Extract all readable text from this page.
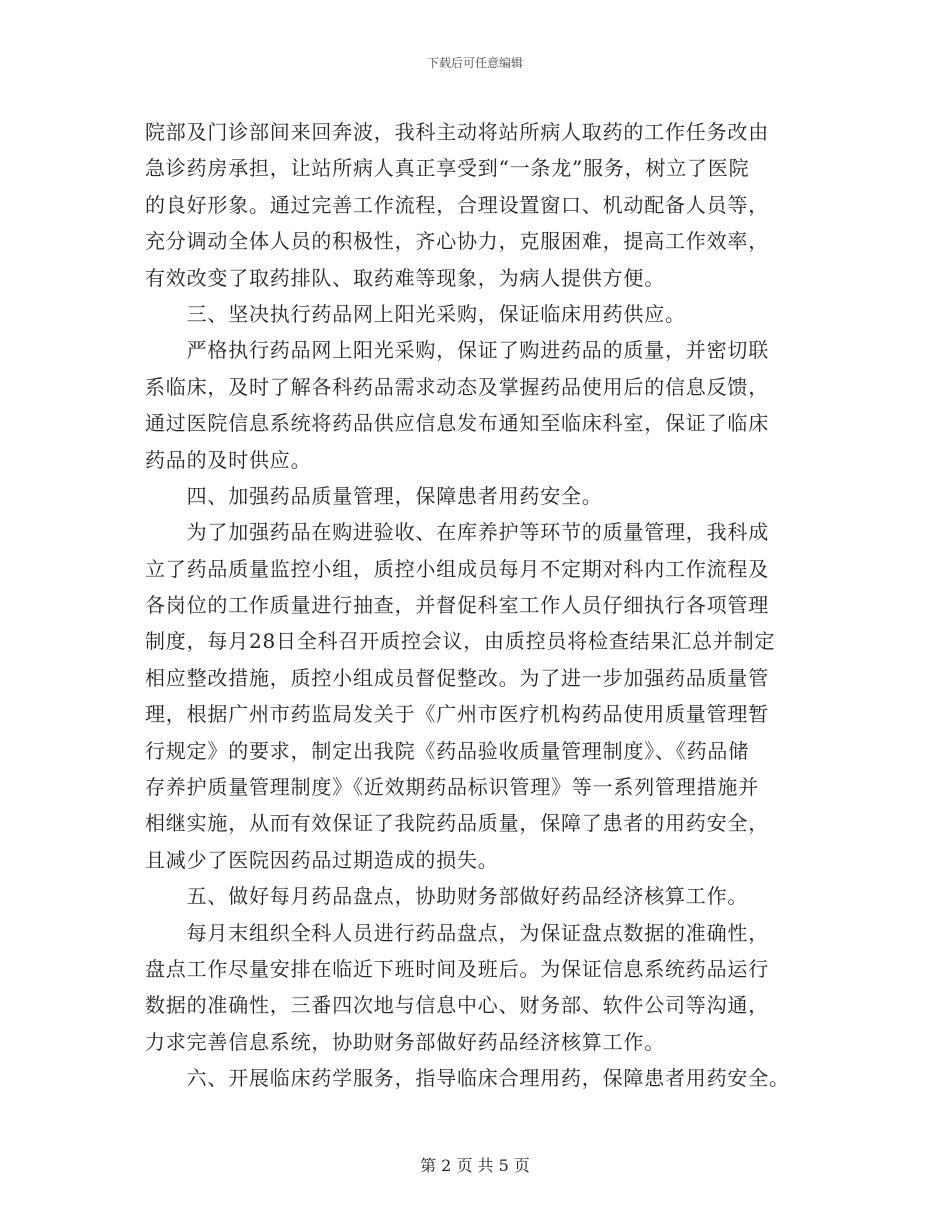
下载后可任意编辑
院部及门诊部间来回奔波，我科主动将站所病人取药的工作任务改由
急诊药房承担，让站所病人真正享受到“一条龙”服务，树立了医院
的良好形象。通过完善工作流程，合理设置窗口、机动配备人员等，
充分调动全体人员的积极性，齐心协力，克服困难，提高工作效率，
有效改变了取药排队、取药难等现象，为病人提供方便。
　　三、坚决执行药品网上阳光采购，保证临床用药供应。
　　严格执行药品网上阳光采购，保证了购进药品的质量，并密切联
系临床，及时了解各科药品需求动态及掌握药品使用后的信息反馈，
通过医院信息系统将药品供应信息发布通知至临床科室，保证了临床
药品的及时供应。
　　四、加强药品质量管理，保障患者用药安全。
　　为了加强药品在购进验收、在库养护等环节的质量管理，我科成
立了药品质量监控小组，质控小组成员每月不定期对科内工作流程及
各岗位的工作质量进行抽查，并督促科室工作人员仔细执行各项管理
制度，每月28日全科召开质控会议，由质控员将检查结果汇总并制定
相应整改措施，质控小组成员督促整改。为了进一步加强药品质量管
理，根据广州市药监局发关于《广州市医疗机构药品使用质量管理暂
行规定》的要求，制定出我院《药品验收质量管理制度》、《药品储
存养护质量管理制度》《近效期药品标识管理》等一系列管理措施并
相继实施，从而有效保证了我院药品质量，保障了患者的用药安全，
且减少了医院因药品过期造成的损失。
　　五、做好每月药品盘点，协助财务部做好药品经济核算工作。
　　每月末组织全科人员进行药品盘点，为保证盘点数据的准确性，
盘点工作尽量安排在临近下班时间及班后。为保证信息系统药品运行
数据的准确性，三番四次地与信息中心、财务部、软件公司等沟通，
力求完善信息系统，协助财务部做好药品经济核算工作。
　　六、开展临床药学服务，指导临床合理用药，保障患者用药安全。
第 2 页 共 5 页
